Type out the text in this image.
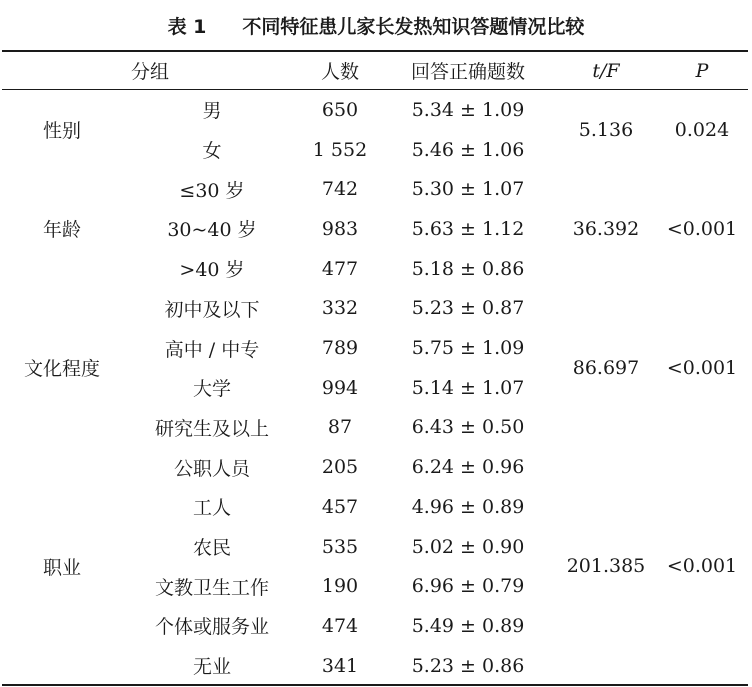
表 1 不同特征患儿家长发热知识答题情况比较
分组	人数	回答正确题数	t/F	P
性别	5.136	0.024
男	650	5.34 ± 1.09
女	1 552	5.46 ± 1.06
年龄	36.392	<0.001
≤30 岁	742	5.30 ± 1.07
30~40 岁	983	5.63 ± 1.12
>40 岁	477	5.18 ± 0.86
文化程度	86.697	<0.001
初中及以下	332	5.23 ± 0.87
高中 / 中专	789	5.75 ± 1.09
大学	994	5.14 ± 1.07
研究生及以上	87	6.43 ± 0.50
职业	201.385	<0.001
公职人员	205	6.24 ± 0.96
工人	457	4.96 ± 0.89
农民	535	5.02 ± 0.90
文教卫生工作	190	6.96 ± 0.79
个体或服务业	474	5.49 ± 0.89
无业	341	5.23 ± 0.86
